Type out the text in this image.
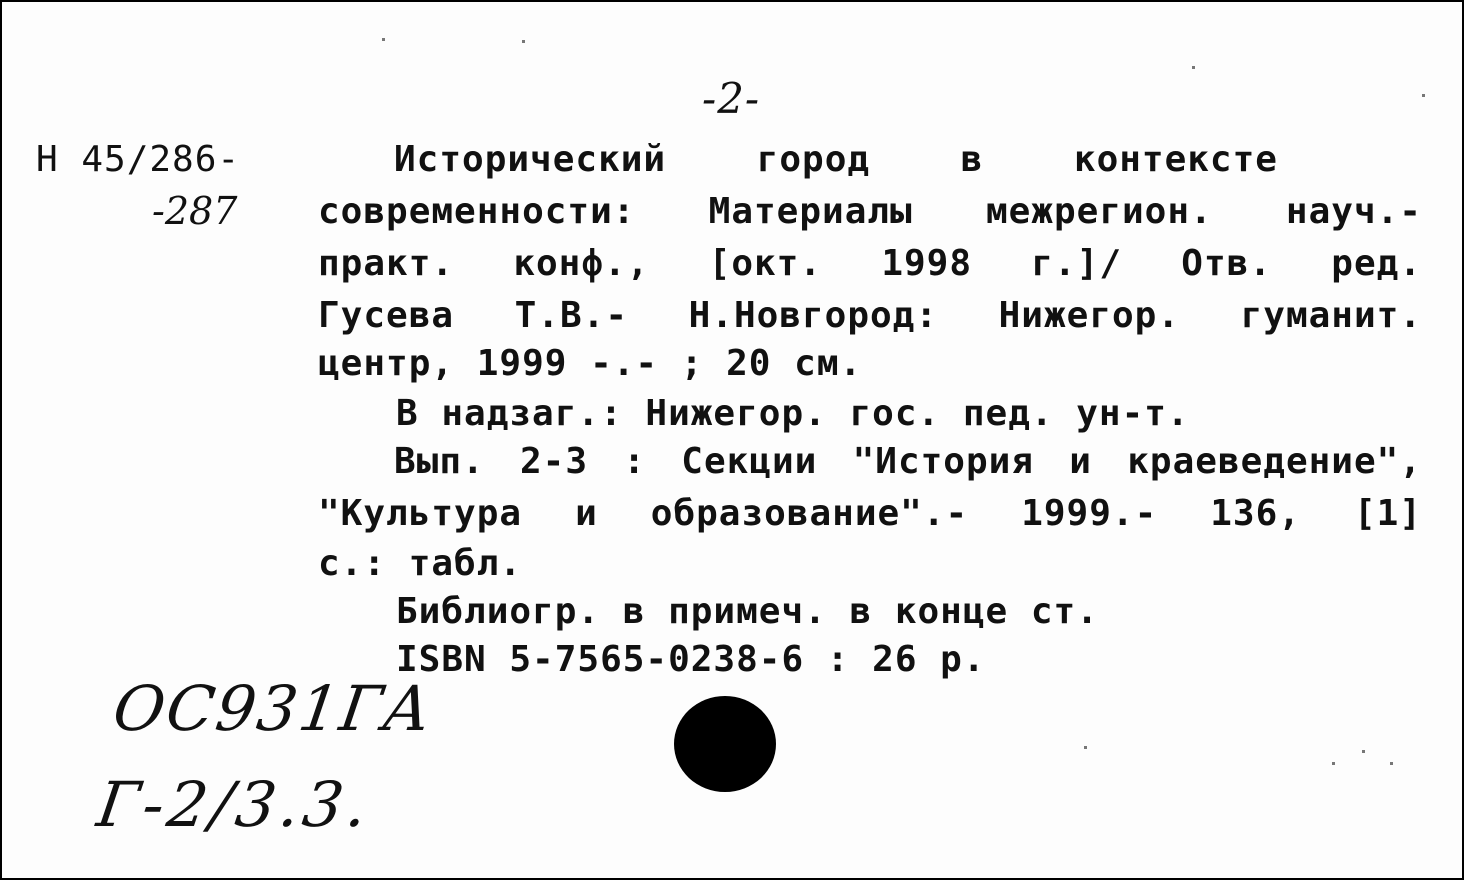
-2-
Н 45/286-
-287
Исторический	город	в	контексте
современности: Материалы межрегион. науч.-
практ. конф., [окт. 1998 г.]/ Отв. ред.
Гусева Т.В.- Н.Новгород: Нижегор. гуманит.
центр, 1999 -.- ; 20 см.
В надзаг.: Нижегор. гос. пед. ун-т.
Вып. 2-3 : Секции "История и краеведение",
"Культура и образование".- 1999.- 136, [1]
с.: табл.
Библиогр. в примеч. в конце ст.
ISBN 5-7565-0238-6 : 26 р.
ОС931ГА
Г-2/3.3.
